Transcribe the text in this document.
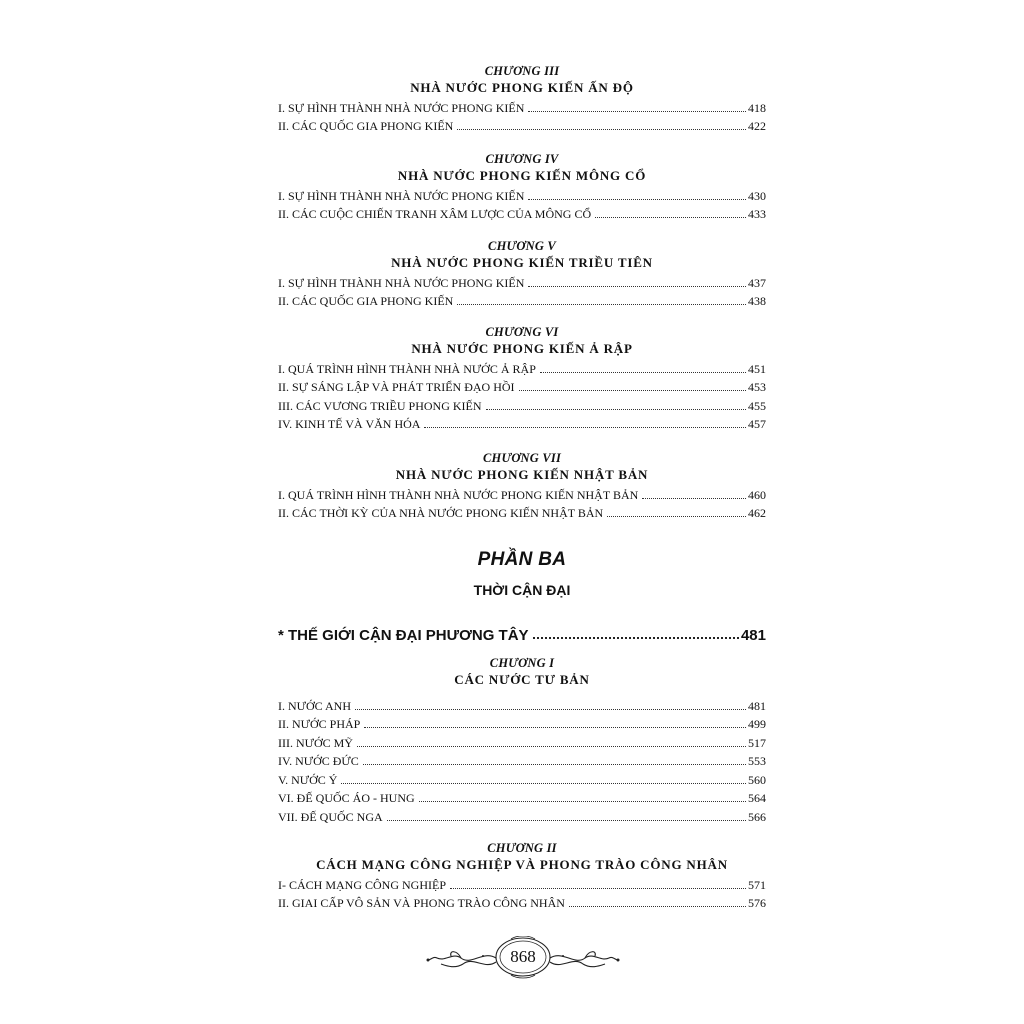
CHƯƠNG III
NHÀ NƯỚC PHONG KIẾN ẤN ĐỘ
I. SỰ HÌNH THÀNH NHÀ NƯỚC PHONG KIẾN	418
II. CÁC QUỐC GIA PHONG KIẾN	422
CHƯƠNG IV
NHÀ NƯỚC PHONG KIẾN MÔNG CỔ
I. SỰ HÌNH THÀNH NHÀ NƯỚC PHONG KIẾN	430
II. CÁC CUỘC CHIẾN TRANH XÂM LƯỢC CỦA MÔNG CỔ	433
CHƯƠNG V
NHÀ NƯỚC PHONG KIẾN TRIỀU TIÊN
I. SỰ HÌNH THÀNH NHÀ NƯỚC PHONG KIẾN	437
II. CÁC QUỐC GIA PHONG KIẾN	438
CHƯƠNG VI
NHÀ NƯỚC PHONG KIẾN Ả RẬP
I. QUÁ TRÌNH HÌNH THÀNH NHÀ NƯỚC Ả RẬP	451
II. SỰ SÁNG LẬP VÀ PHÁT TRIỂN ĐẠO HỒI	453
III. CÁC VƯƠNG TRIỀU PHONG KIẾN	455
IV. KINH TẾ VÀ VĂN HÓA	457
CHƯƠNG VII
NHÀ NƯỚC PHONG KIẾN NHẬT BẢN
I. QUÁ TRÌNH HÌNH THÀNH NHÀ NƯỚC PHONG KIẾN NHẬT BẢN	460
II. CÁC THỜI KỲ CỦA NHÀ NƯỚC PHONG KIẾN NHẬT BẢN	462
PHẦN BA
THỜI CẬN ĐẠI
* THẾ GIỚI CẬN ĐẠI PHƯƠNG TÂY	481
CHƯƠNG I
CÁC NƯỚC TƯ BẢN
I. NƯỚC ANH	481
II. NƯỚC PHÁP	499
III. NƯỚC MỸ	517
IV. NƯỚC ĐỨC	553
V. NƯỚC Ý	560
VI. ĐẾ QUỐC ÁO - HUNG	564
VII. ĐẾ QUỐC NGA	566
CHƯƠNG II
CÁCH MẠNG CÔNG NGHIỆP VÀ PHONG TRÀO CÔNG NHÂN
I- CÁCH MẠNG CÔNG NGHIỆP	571
II. GIAI CẤP VÔ SẢN VÀ PHONG TRÀO CÔNG NHÂN	576
868
